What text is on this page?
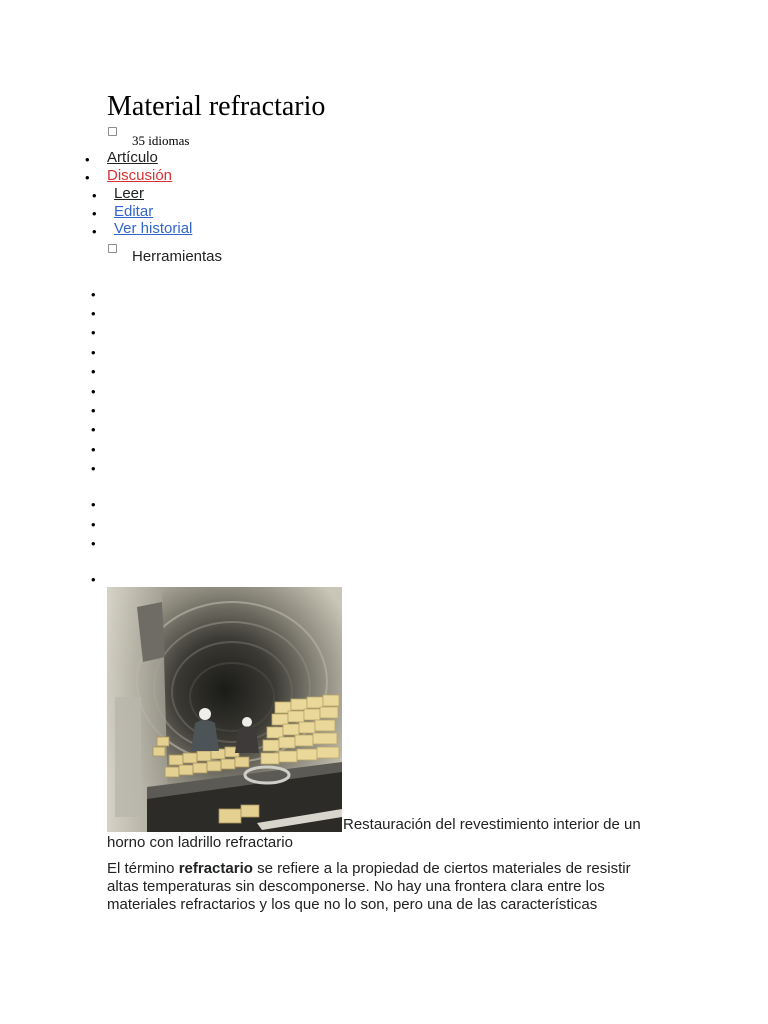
Material refractario
35 idiomas
• Artículo
• Discusión
• Leer
• Editar
• Ver historial
Herramientas
•
•
•
•
•
•
•
•
•
•
•
•
•
•
Restauración del revestimiento interior de un horno con ladrillo refractario

El término refractario se refiere a la propiedad de ciertos materiales de resistir altas temperaturas sin descomponerse. No hay una frontera clara entre los materiales refractarios y los que no lo son, pero una de las características
